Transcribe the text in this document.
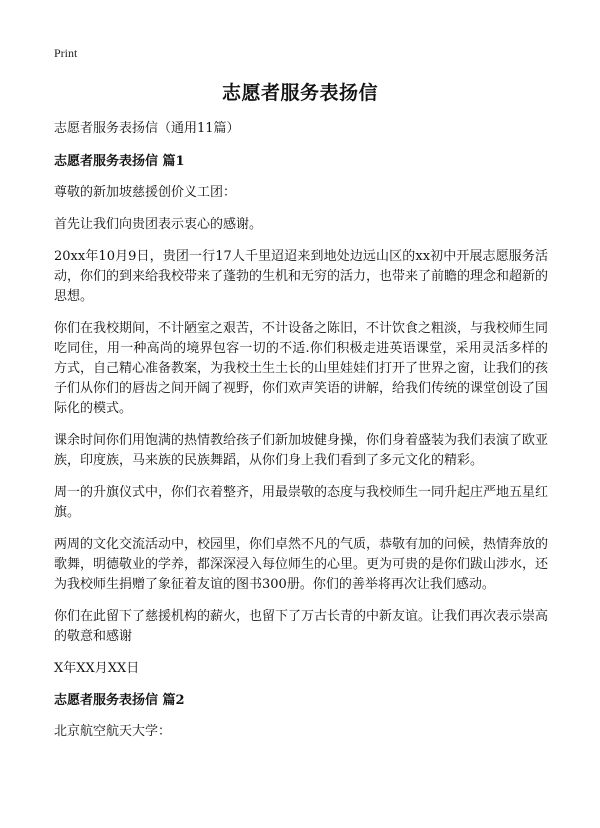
Print
志愿者服务表扬信

志愿者服务表扬信（通用11篇）

志愿者服务表扬信 篇1

尊敬的新加坡慈援创价义工团：

首先让我们向贵团表示衷心的感谢。

20xx年10月9日，贵团一行17人千里迢迢来到地处边远山区的xx初中开展志愿服务活动，你们的到来给我校带来了蓬勃的生机和无穷的活力，也带来了前瞻的理念和超新的思想。

你们在我校期间，不计陋室之艰苦，不计设备之陈旧，不计饮食之粗淡，与我校师生同吃同住，用一种高尚的境界包容一切的不适.你们积极走进英语课堂，采用灵活多样的方式，自己精心准备教案，为我校土生土长的山里娃娃们打开了世界之窗，让我们的孩子们从你们的唇齿之间开阔了视野，你们欢声笑语的讲解，给我们传统的课堂创设了国际化的模式。

课余时间你们用饱满的热情教给孩子们新加坡健身操，你们身着盛装为我们表演了欧亚族，印度族，马来族的民族舞蹈，从你们身上我们看到了多元文化的精彩。

周一的升旗仪式中，你们衣着整齐，用最崇敬的态度与我校师生一同升起庄严地五星红旗。

两周的文化交流活动中，校园里，你们卓然不凡的气质，恭敬有加的问候，热情奔放的歌舞，明德敬业的学养，都深深浸入每位师生的心里。更为可贵的是你们跋山涉水，还为我校师生捐赠了象征着友谊的图书300册。你们的善举将再次让我们感动。

你们在此留下了慈援机构的薪火，也留下了万古长青的中新友谊。让我们再次表示崇高的敬意和感谢

X年XX月XX日

志愿者服务表扬信 篇2

北京航空航天大学：
